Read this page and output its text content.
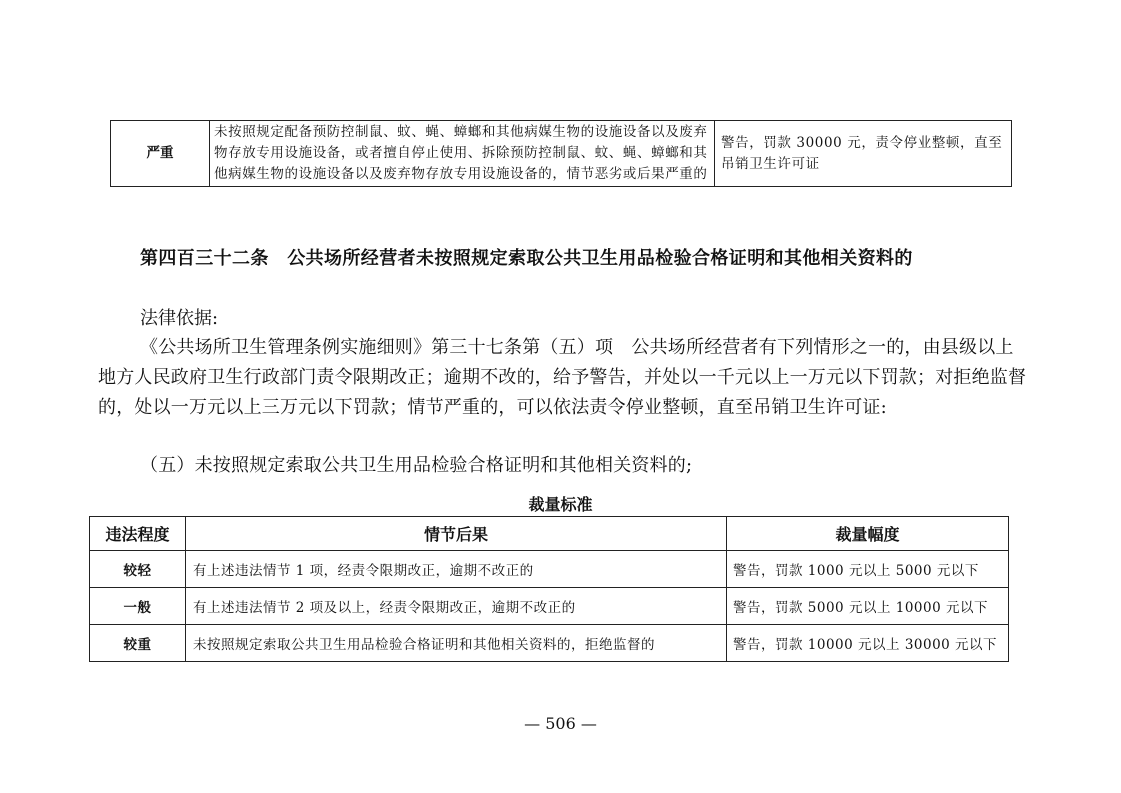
严重	未按照规定配备预防控制鼠、蚊、蝇、蟑螂和其他病媒生物的设施设备以及废弃物存放专用设施设备，或者擅自停止使用、拆除预防控制鼠、蚊、蝇、蟑螂和其他病媒生物的设施设备以及废弃物存放专用设施设备的，情节恶劣或后果严重的	警告，罚款 30000 元，责令停业整顿，直至吊销卫生许可证
第四百三十二条　公共场所经营者未按照规定索取公共卫生用品检验合格证明和其他相关资料的
法律依据:
《公共场所卫生管理条例实施细则》第三十七条第（五）项　公共场所经营者有下列情形之一的，由县级以上地方人民政府卫生行政部门责令限期改正；逾期不改的，给予警告，并处以一千元以上一万元以下罚款；对拒绝监督的，处以一万元以上三万元以下罚款；情节严重的，可以依法责令停业整顿，直至吊销卫生许可证:
（五）未按照规定索取公共卫生用品检验合格证明和其他相关资料的;
裁量标准
违法程度	情节后果	裁量幅度
较轻	有上述违法情节 1 项，经责令限期改正，逾期不改正的	警告，罚款 1000 元以上 5000 元以下
一般	有上述违法情节 2 项及以上，经责令限期改正，逾期不改正的	警告，罚款 5000 元以上 10000 元以下
较重	未按照规定索取公共卫生用品检验合格证明和其他相关资料的，拒绝监督的	警告，罚款 10000 元以上 30000 元以下
— 506 —
